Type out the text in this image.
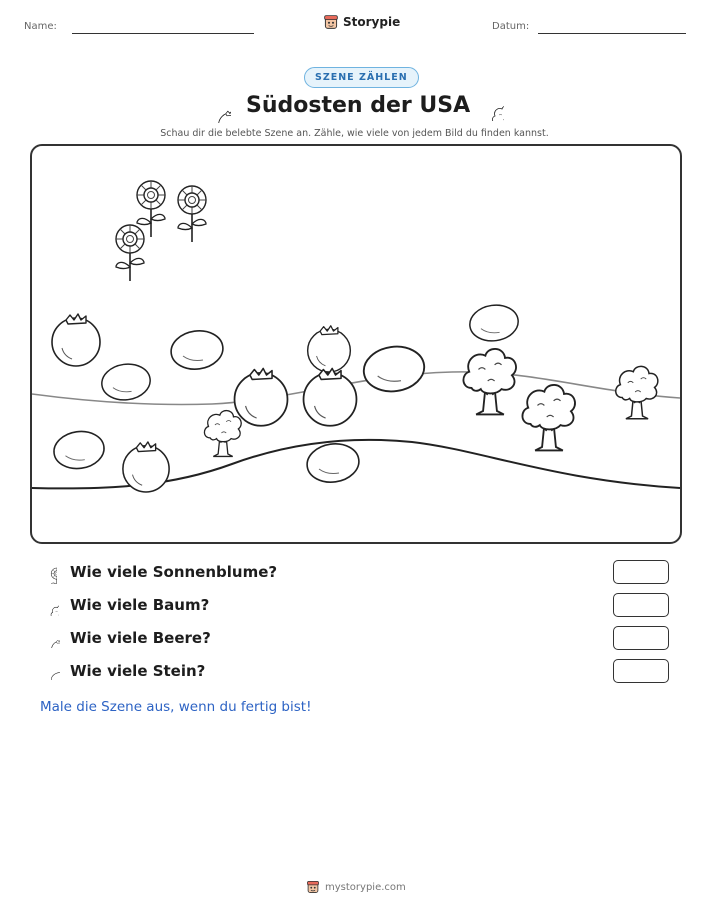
Name:	Storypie	Datum:
SZENE ZÄHLEN
Südosten der USA
Schau dir die belebte Szene an. Zähle, wie viele von jedem Bild du finden kannst.
Wie viele Sonnenblume?
Wie viele Baum?
Wie viele Beere?
Wie viele Stein?
Male die Szene aus, wenn du fertig bist!
mystorypie.com
